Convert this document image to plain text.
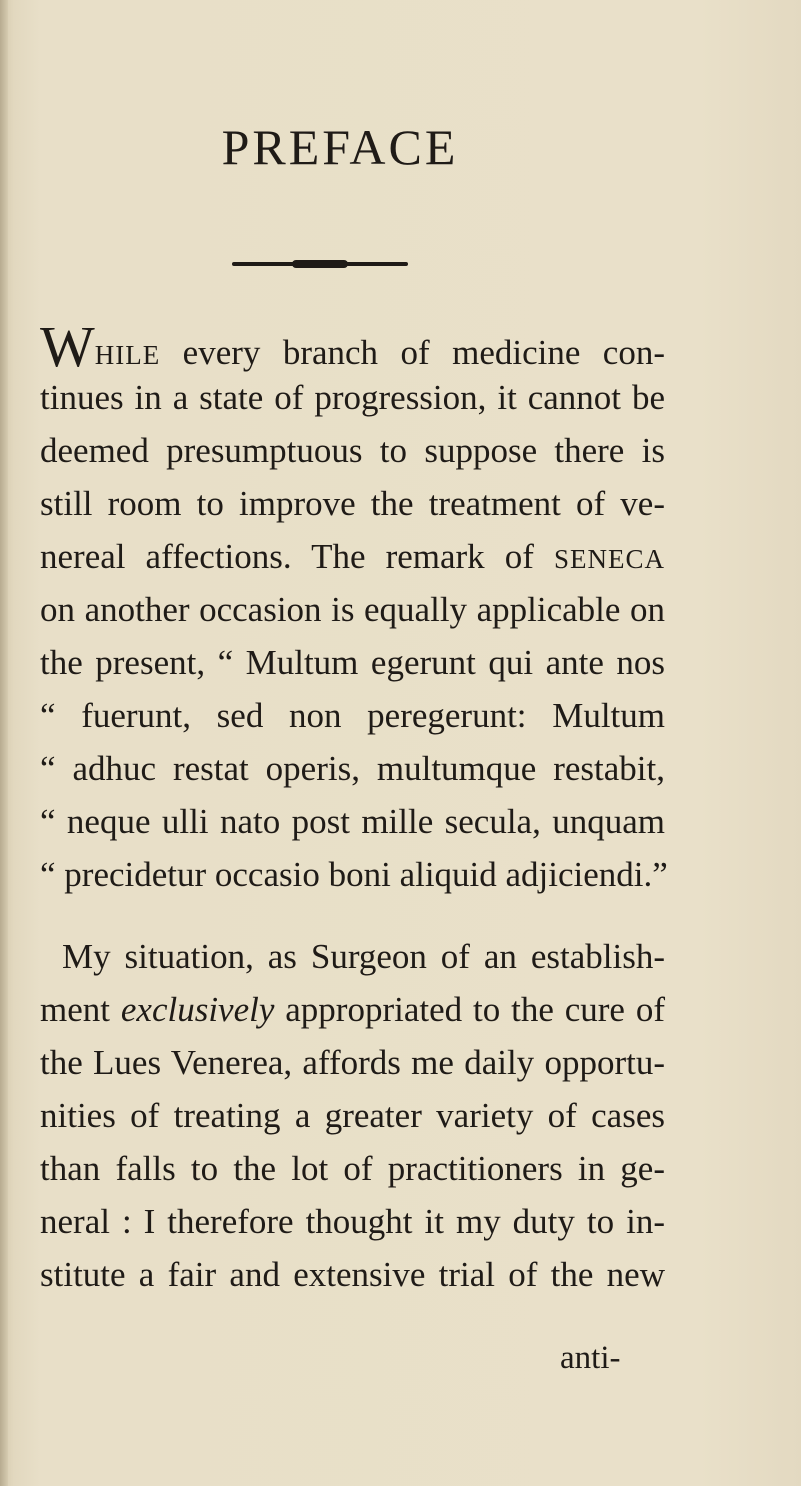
PREFACE
WHILE every branch of medicine con-
tinues in a state of progression, it cannot be
deemed presumptuous to suppose there is
still room to improve the treatment of ve-
nereal affections. The remark of SENECA
on another occasion is equally applicable on
the present, “ Multum egerunt qui ante nos
“ fuerunt, sed non peregerunt: Multum
“ adhuc restat operis, multumque restabit,
“ neque ulli nato post mille secula, unquam
“ precidetur occasio boni aliquid adjiciendi.”
My situation, as Surgeon of an establish-
ment exclusively appropriated to the cure of
the Lues Venerea, affords me daily opportu-
nities of treating a greater variety of cases
than falls to the lot of practitioners in ge-
neral : I therefore thought it my duty to in-
stitute a fair and extensive trial of the new
anti-
